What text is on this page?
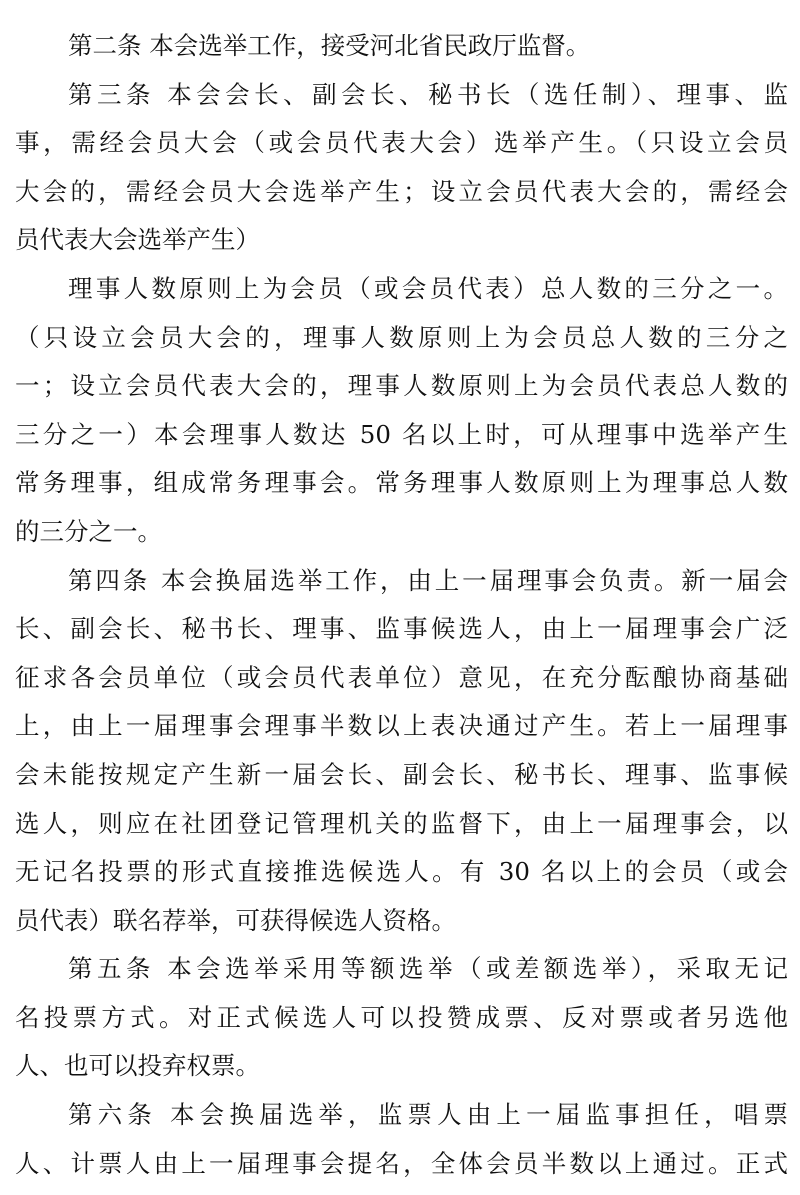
第二条 本会选举工作，接受河北省民政厅监督。
第三条 本会会长、副会长、秘书长（选任制）、理事、监
事，需经会员大会（或会员代表大会）选举产生。（只设立会员
大会的，需经会员大会选举产生；设立会员代表大会的，需经会
员代表大会选举产生）
理事人数原则上为会员（或会员代表）总人数的三分之一。
（只设立会员大会的，理事人数原则上为会员总人数的三分之
一；设立会员代表大会的，理事人数原则上为会员代表总人数的
三分之一）本会理事人数达 50 名以上时，可从理事中选举产生
常务理事，组成常务理事会。常务理事人数原则上为理事总人数
的三分之一。
第四条 本会换届选举工作，由上一届理事会负责。新一届会
长、副会长、秘书长、理事、监事候选人，由上一届理事会广泛
征求各会员单位（或会员代表单位）意见，在充分酝酿协商基础
上，由上一届理事会理事半数以上表决通过产生。若上一届理事
会未能按规定产生新一届会长、副会长、秘书长、理事、监事候
选人，则应在社团登记管理机关的监督下，由上一届理事会，以
无记名投票的形式直接推选候选人。有 30 名以上的会员（或会
员代表）联名荐举，可获得候选人资格。
第五条 本会选举采用等额选举（或差额选举），采取无记
名投票方式。对正式候选人可以投赞成票、反对票或者另选他
人、也可以投弃权票。
第六条 本会换届选举，监票人由上一届监事担任，唱票
人、计票人由上一届理事会提名，全体会员半数以上通过。正式
